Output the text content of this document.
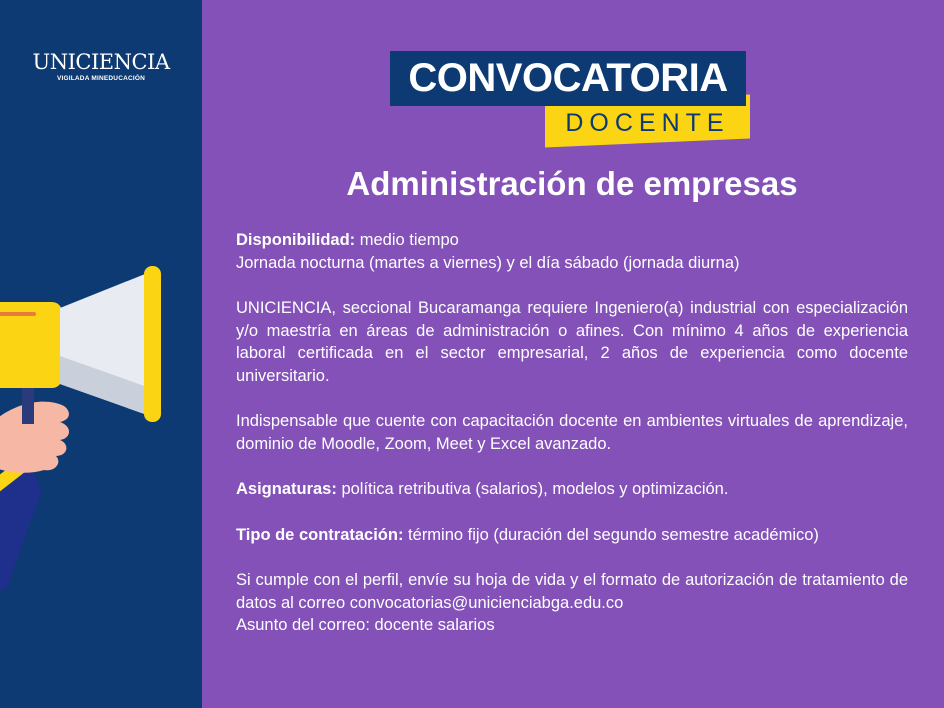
UNICIENCIA
VIGILADA MINEDUCACIÓN
DOCENTE
CONVOCATORIA
Administración de empresas

Disponibilidad: medio tiempo
Jornada nocturna (martes a viernes) y el día sábado (jornada diurna)

UNICIENCIA, seccional Bucaramanga requiere Ingeniero(a) industrial con especialización y/o maestría en áreas de administración o afines. Con mínimo 4 años de experiencia laboral certificada en el sector empresarial, 2 años de experiencia como docente universitario.

Indispensable que cuente con capacitación docente en ambientes virtuales de aprendizaje, dominio de Moodle, Zoom, Meet y Excel avanzado.

Asignaturas: política retributiva (salarios), modelos y optimización.

Tipo de contratación: término fijo (duración del segundo semestre académico)

Si cumple con el perfil, envíe su hoja de vida y el formato de autorización de tratamiento de datos al correo convocatorias@unicienciabga.edu.co
Asunto del correo: docente salarios
